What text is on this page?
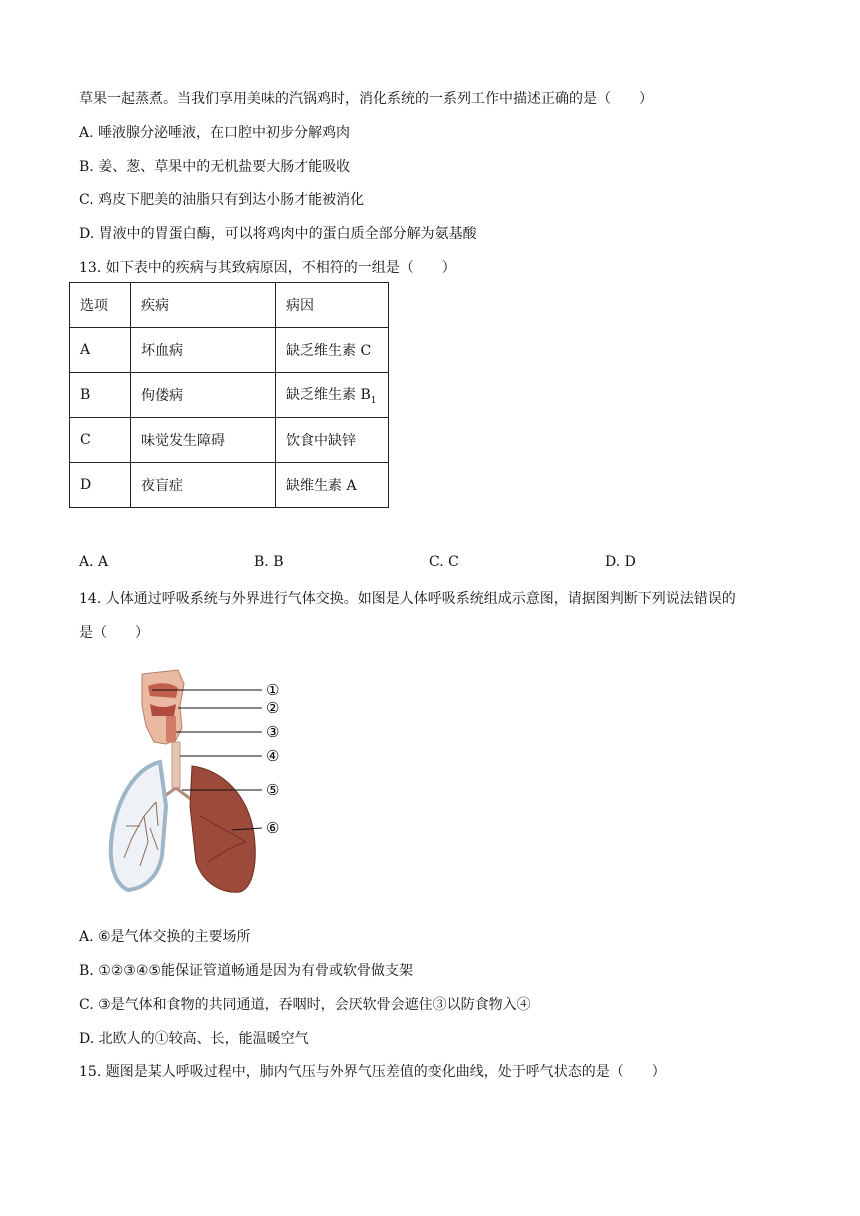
草果一起蒸煮。当我们享用美味的汽锅鸡时，消化系统的一系列工作中描述正确的是（　　）
A. 唾液腺分泌唾液，在口腔中初步分解鸡肉
B. 姜、葱、草果中的无机盐要大肠才能吸收
C. 鸡皮下肥美的油脂只有到达小肠才能被消化
D. 胃液中的胃蛋白酶，可以将鸡肉中的蛋白质全部分解为氨基酸
13. 如下表中的疾病与其致病原因，不相符的一组是（　　）
选项	疾病	病因
A	坏血病	缺乏维生素 C
B	佝偻病	缺乏维生素 $B_1$
C	味觉发生障碍	饮食中缺锌
D	夜盲症	缺维生素 A
A. A	B. B	C. C	D. D
14. 人体通过呼吸系统与外界进行气体交换。如图是人体呼吸系统组成示意图，请据图判断下列说法错误的
是（　　）
①
②
③
④
⑤
⑥
A. ⑥是气体交换的主要场所
B. ①②③④⑤能保证管道畅通是因为有骨或软骨做支架
C. ③是气体和食物的共同通道，吞咽时，会厌软骨会遮住③以防食物入④
D. 北欧人的①较高、长，能温暖空气
15. 题图是某人呼吸过程中，肺内气压与外界气压差值的变化曲线，处于呼气状态的是（　　）
